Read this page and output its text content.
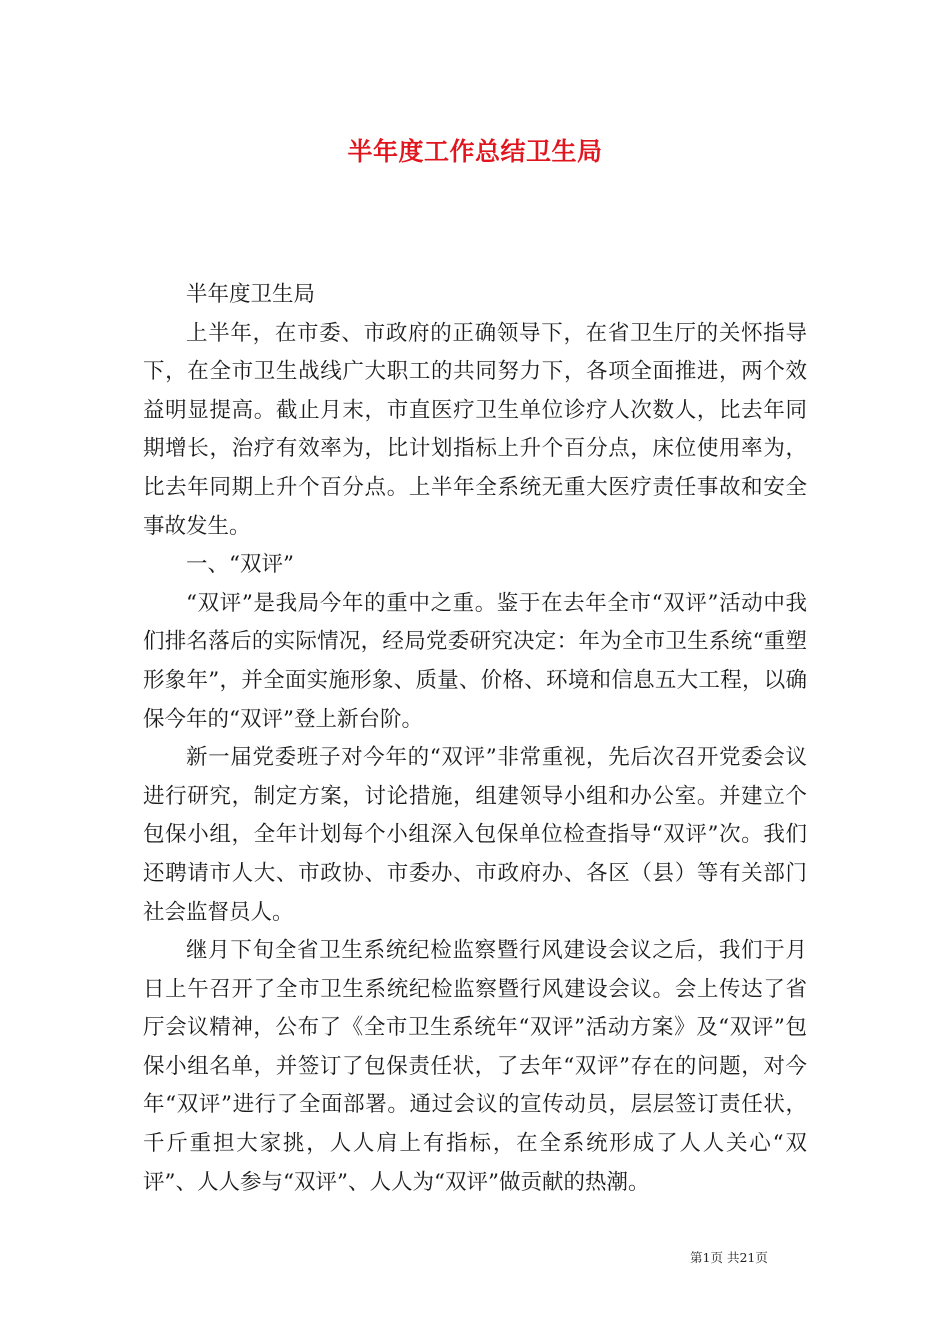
半年度工作总结卫生局

半年度卫生局

上半年，在市委、市政府的正确领导下，在省卫生厅的关怀指导下，在全市卫生战线广大职工的共同努力下，各项全面推进，两个效益明显提高。截止月末，市直医疗卫生单位诊疗人次数人，比去年同期增长，治疗有效率为，比计划指标上升个百分点，床位使用率为，比去年同期上升个百分点。上半年全系统无重大医疗责任事故和安全事故发生。

一、“双评”

“双评”是我局今年的重中之重。鉴于在去年全市“双评”活动中我们排名落后的实际情况，经局党委研究决定：年为全市卫生系统“重塑形象年”，并全面实施形象、质量、价格、环境和信息五大工程，以确保今年的“双评”登上新台阶。

新一届党委班子对今年的“双评”非常重视，先后次召开党委会议进行研究，制定方案，讨论措施，组建领导小组和办公室。并建立个包保小组，全年计划每个小组深入包保单位检查指导“双评”次。我们还聘请市人大、市政协、市委办、市政府办、各区（县）等有关部门社会监督员人。

继月下旬全省卫生系统纪检监察暨行风建设会议之后，我们于月日上午召开了全市卫生系统纪检监察暨行风建设会议。会上传达了省厅会议精神，公布了《全市卫生系统年“双评”活动方案》及“双评”包保小组名单，并签订了包保责任状，了去年“双评”存在的问题，对今年“双评”进行了全面部署。通过会议的宣传动员，层层签订责任状，千斤重担大家挑，人人肩上有指标，在全系统形成了人人关心“双评”、人人参与“双评”、人人为“双评”做贡献的热潮。

第1页 共21页
